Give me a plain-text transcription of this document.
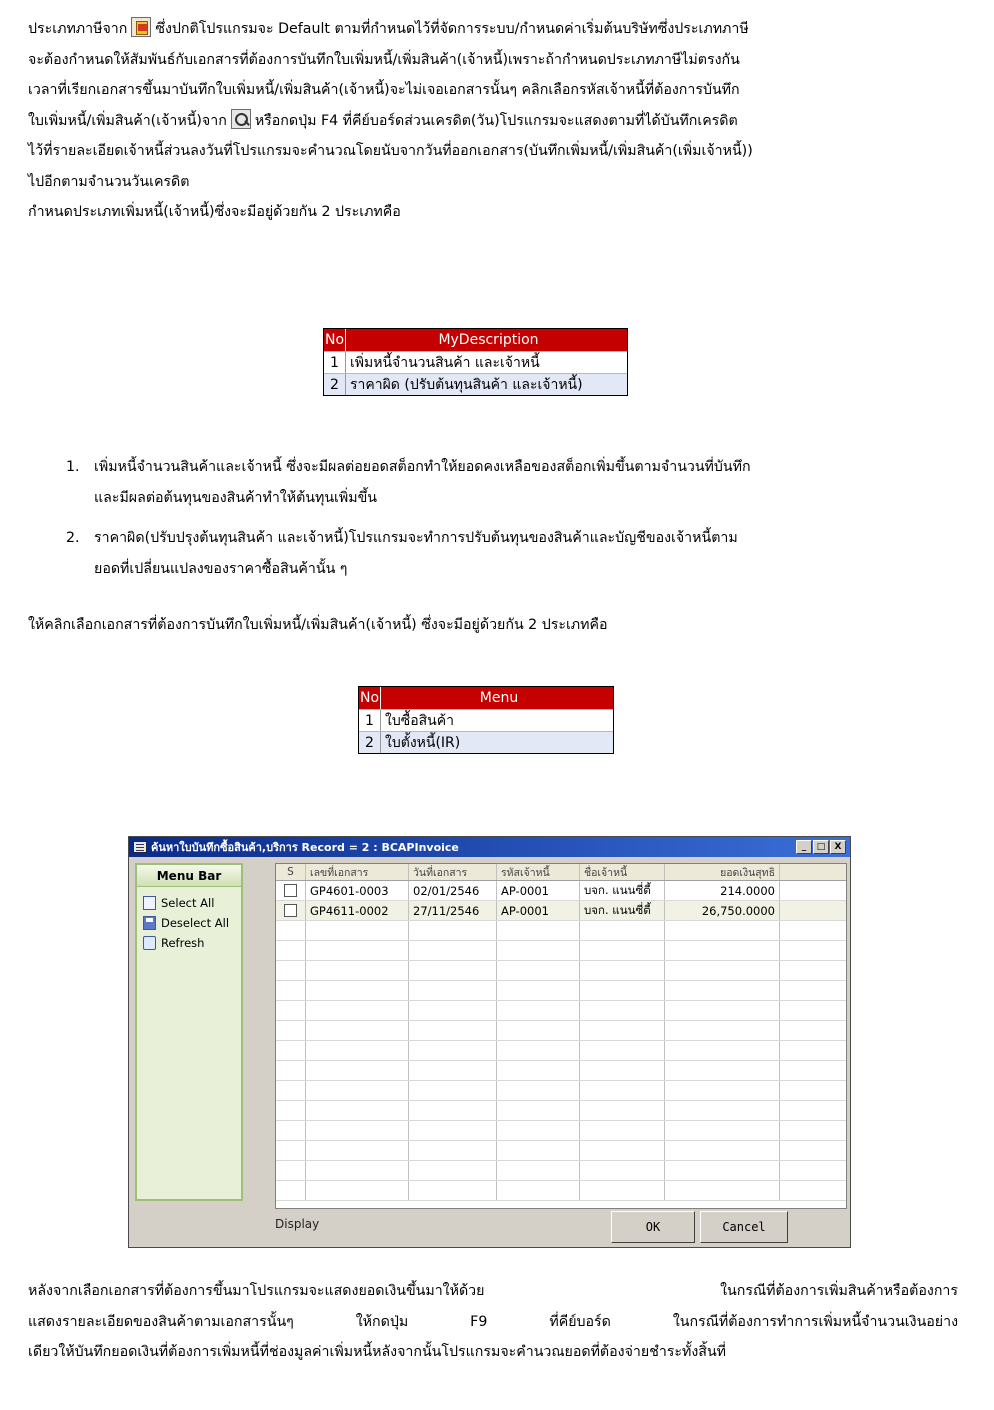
ประเภทภาษีจาก ซึ่งปกติโปรแกรมจะ Default ตามที่กำหนดไว้ที่จัดการระบบ/กำหนดค่าเริ่มต้นบริษัทซึ่งประเภทภาษี
จะต้องกำหนดให้สัมพันธ์กับเอกสารที่ต้องการบันทึกใบเพิ่มหนี้/เพิ่มสินค้า(เจ้าหนี้)เพราะถ้ากำหนดประเภทภาษีไม่ตรงกัน
เวลาที่เรียกเอกสารขึ้นมาบันทึกใบเพิ่มหนี้/เพิ่มสินค้า(เจ้าหนี้)จะไม่เจอเอกสารนั้นๆ คลิกเลือกรหัสเจ้าหนี้ที่ต้องการบันทึก
ใบเพิ่มหนี้/เพิ่มสินค้า(เจ้าหนี้)จาก หรือกดปุ่ม F4 ที่คีย์บอร์ดส่วนเครดิต(วัน)โปรแกรมจะแสดงตามที่ได้บันทึกเครดิต
ไว้ที่รายละเอียดเจ้าหนี้ส่วนลงวันที่โปรแกรมจะคำนวณโดยนับจากวันที่ออกเอกสาร(บันทึกเพิ่มหนี้/เพิ่มสินค้า(เพิ่มเจ้าหนี้))
ไปอีกตามจำนวนวันเครดิต
กำหนดประเภทเพิ่มหนี้(เจ้าหนี้)ซึ่งจะมีอยู่ด้วยกัน 2 ประเภทคือ
No	MyDescription
1 เพิ่มหนี้จำนวนสินค้า และเจ้าหนี้
2 ราคาผิด (ปรับต้นทุนสินค้า และเจ้าหนี้)
1. เพิ่มหนี้จำนวนสินค้าและเจ้าหนี้ ซึ่งจะมีผลต่อยอดสต็อกทำให้ยอดคงเหลือของสต็อกเพิ่มขึ้นตามจำนวนที่บันทึก
และมีผลต่อต้นทุนของสินค้าทำให้ต้นทุนเพิ่มขึ้น
2. ราคาผิด(ปรับปรุงต้นทุนสินค้า และเจ้าหนี้)โปรแกรมจะทำการปรับต้นทุนของสินค้าและบัญชีของเจ้าหนี้ตาม
ยอดที่เปลี่ยนแปลงของราคาซื้อสินค้านั้น ๆ
ให้คลิกเลือกเอกสารที่ต้องการบันทึกใบเพิ่มหนี้/เพิ่มสินค้า(เจ้าหนี้) ซึ่งจะมีอยู่ด้วยกัน 2 ประเภทคือ
No	Menu
1 ใบซื้อสินค้า
2 ใบตั้งหนี้(IR)
ค้นหาใบบันทึกซื้อสินค้า,บริการ Record = 2 : BCAPInvoice	_	□	X
Menu Bar
Select All
Deselect All
Refresh
S	เลขที่เอกสาร	วันที่เอกสาร	รหัสเจ้าหนี้	ชื่อเจ้าหนี้	ยอดเงินสุทธิ
GP4601-0003	02/01/2546	AP-0001	บจก. แนนซี่ตี้	214.0000
GP4611-0002	27/11/2546	AP-0001	บจก. แนนซี่ตี้	26,750.0000
Display	OK	Cancel
หลังจากเลือกเอกสารที่ต้องการขึ้นมาโปรแกรมจะแสดงยอดเงินขึ้นมาให้ด้วย ในกรณีที่ต้องการเพิ่มสินค้าหรือต้องการ
แสดงรายละเอียดของสินค้าตามเอกสารนั้นๆ ให้กดปุ่ม F9 ที่คีย์บอร์ด ในกรณีที่ต้องการทำการเพิ่มหนี้จำนวนเงินอย่าง
เดียวให้บันทึกยอดเงินที่ต้องการเพิ่มหนี้ที่ช่องมูลค่าเพิ่มหนี้หลังจากนั้นโปรแกรมจะคำนวณยอดที่ต้องจ่ายชำระทั้งสิ้นที่
